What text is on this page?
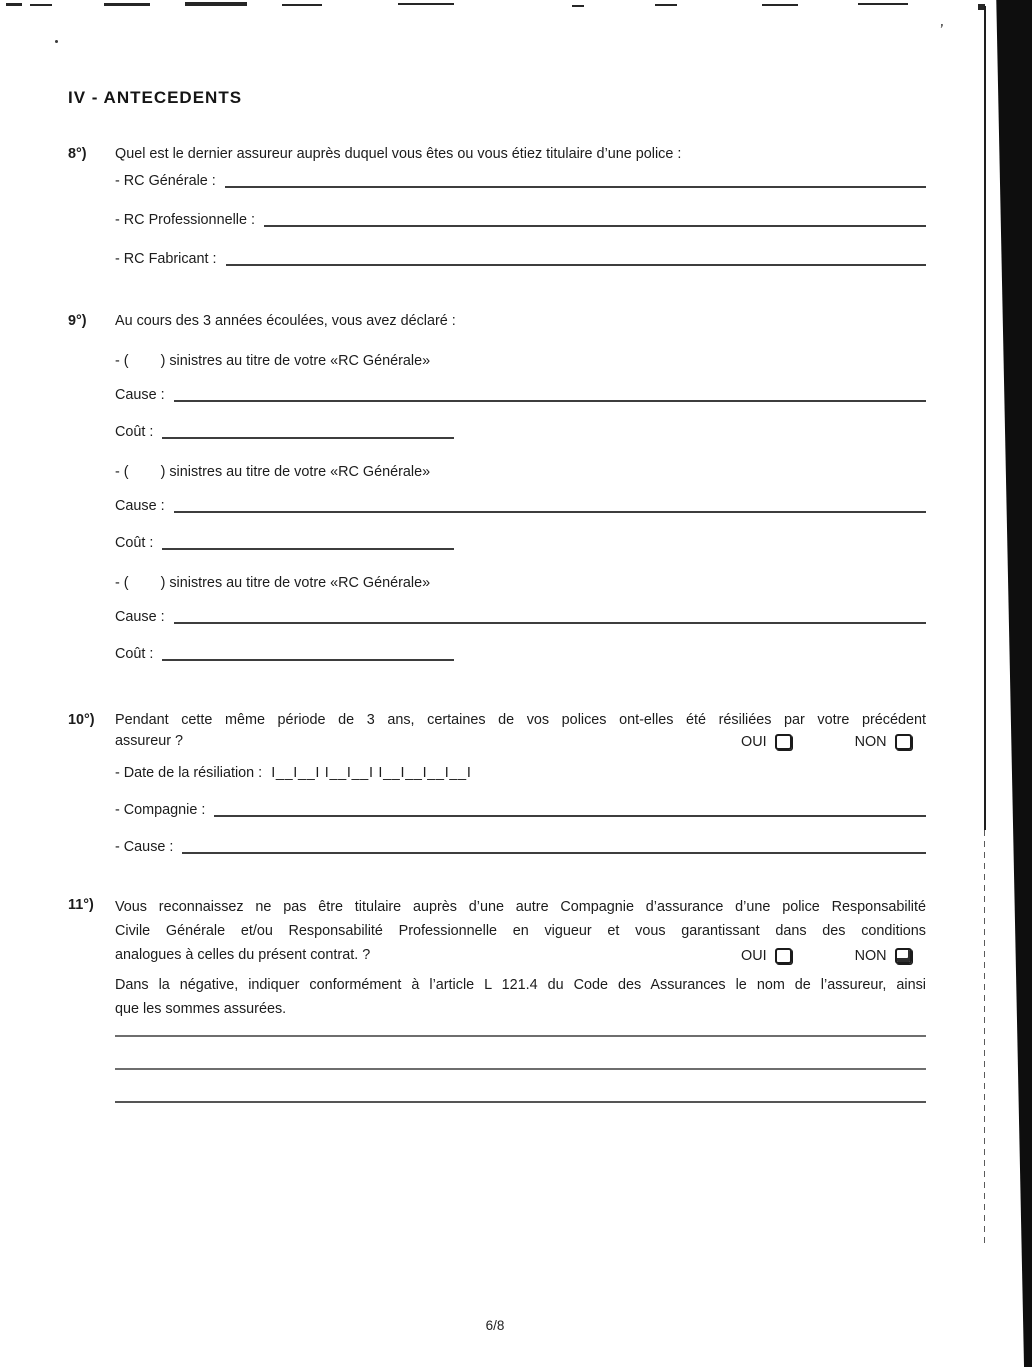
’
IV - ANTECEDENTS
8°)	Quel est le dernier assureur auprès duquel vous êtes ou vous étiez titulaire d’une police :
- RC Générale :
- RC Professionnelle :
- RC Fabricant :
9°)	Au cours des 3 années écoulées, vous avez déclaré :
- (        ) sinistres au titre de votre «RC Générale»
Cause :
Coût :
- (        ) sinistres au titre de votre «RC Générale»
Cause :
Coût :
- (        ) sinistres au titre de votre «RC Générale»
Cause :
Coût :
10°)	Pendant cette même période de 3 ans, certaines de vos polices ont-elles été résiliées par votre précédent
assureur ?	OUI	NON
- Date de la résiliation : I__I__I I__I__I I__I__I__I__I
- Compagnie :
- Cause :
11°)	Vous reconnaissez ne pas être titulaire auprès d’une autre Compagnie d’assurance d’une police Responsabilité
Civile Générale et/ou Responsabilité Professionnelle en vigueur et vous garantissant dans des conditions
analogues à celles du présent contrat. ?	OUI	NON
Dans la négative, indiquer conformément à l’article L 121.4 du Code des Assurances le nom de l’assureur, ainsi
que les sommes assurées.
6/8
